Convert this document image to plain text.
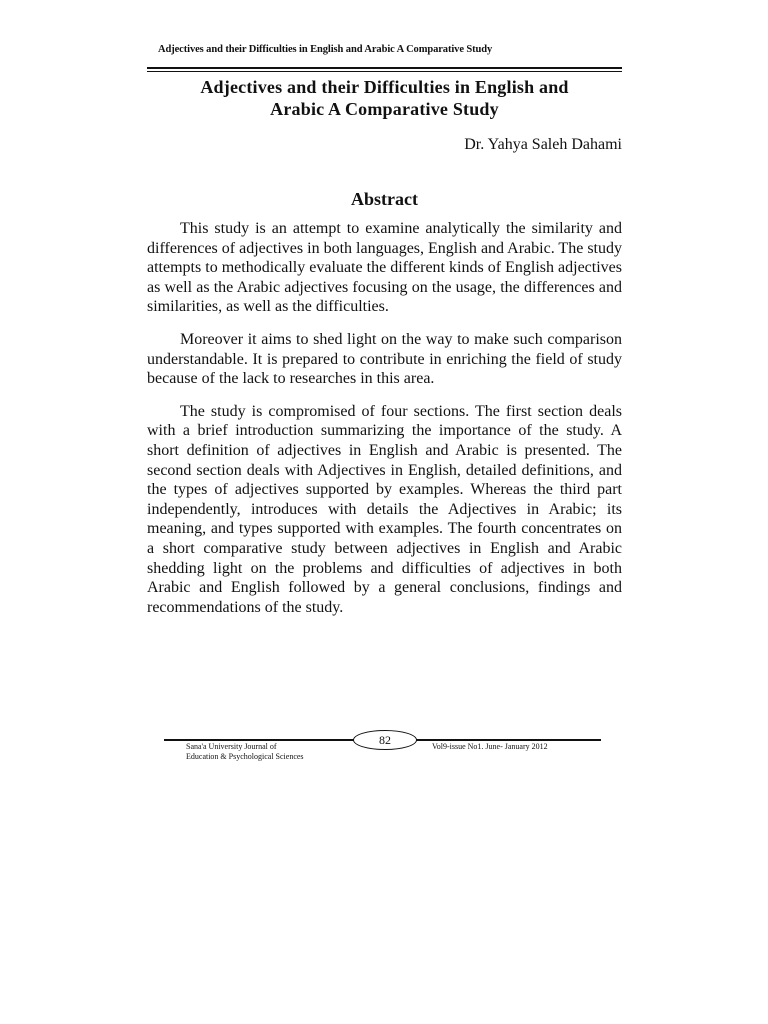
Adjectives and their Difficulties in English and Arabic A Comparative Study
Adjectives and their Difficulties in English and
Arabic A Comparative Study
Dr. Yahya Saleh Dahami
Abstract

This study is an attempt to examine analytically the similarity and differences of adjectives in both languages, English and Arabic. The study attempts to methodically evaluate the different kinds of English adjectives as well as the Arabic adjectives focusing on the usage, the differences and similarities, as well as the difficulties.

Moreover it aims to shed light on the way to make such comparison understandable. It is prepared to contribute in enriching the field of study because of the lack to researches in this area.

The study is compromised of four sections. The first section deals with a brief introduction summarizing the importance of the study. A short definition of adjectives in English and Arabic is presented. The second section deals with Adjectives in English, detailed definitions, and the types of adjectives supported by examples. Whereas the third part independently, introduces with details the Adjectives in Arabic; its meaning, and types supported with examples. The fourth concentrates on a short comparative study between adjectives in English and Arabic shedding light on the problems and difficulties of adjectives in both Arabic and English followed by a general conclusions, findings and recommendations of the study.

82
Sana'a University Journal of
Education & Psychological Sciences
Vol9-issue No1. June- January 2012
